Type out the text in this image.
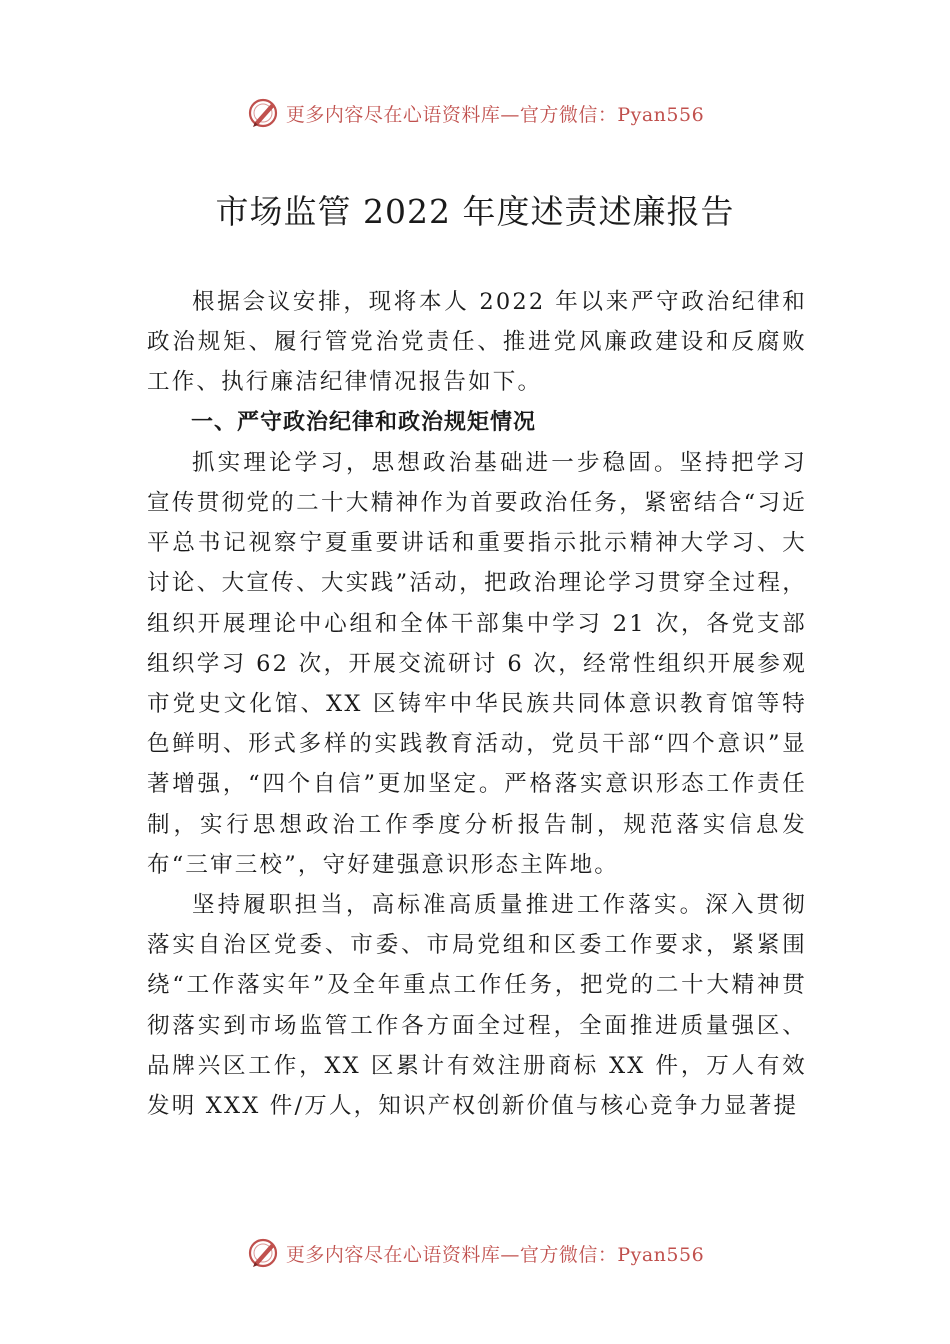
更多内容尽在心语资料库—官方微信：Pyan556
市场监管 2022 年度述责述廉报告

根据会议安排，现将本人 2022 年以来严守政治纪律和政治规矩、履行管党治党责任、推进党风廉政建设和反腐败工作、执行廉洁纪律情况报告如下。

一、严守政治纪律和政治规矩情况

抓实理论学习，思想政治基础进一步稳固。坚持把学习宣传贯彻党的二十大精神作为首要政治任务，紧密结合“习近平总书记视察宁夏重要讲话和重要指示批示精神大学习、大讨论、大宣传、大实践”活动，把政治理论学习贯穿全过程，组织开展理论中心组和全体干部集中学习 21 次，各党支部组织学习 62 次，开展交流研讨 6 次，经常性组织开展参观市党史文化馆、XX 区铸牢中华民族共同体意识教育馆等特色鲜明、形式多样的实践教育活动，党员干部“四个意识”显著增强，“四个自信”更加坚定。严格落实意识形态工作责任制，实行思想政治工作季度分析报告制，规范落实信息发布“三审三校”，守好建强意识形态主阵地。

坚持履职担当，高标准高质量推进工作落实。深入贯彻落实自治区党委、市委、市局党组和区委工作要求，紧紧围绕“工作落实年”及全年重点工作任务，把党的二十大精神贯彻落实到市场监管工作各方面全过程，全面推进质量强区、品牌兴区工作，XX 区累计有效注册商标 XX 件，万人有效发明 XXX 件/万人，知识产权创新价值与核心竞争力显著提

更多内容尽在心语资料库—官方微信：Pyan556
